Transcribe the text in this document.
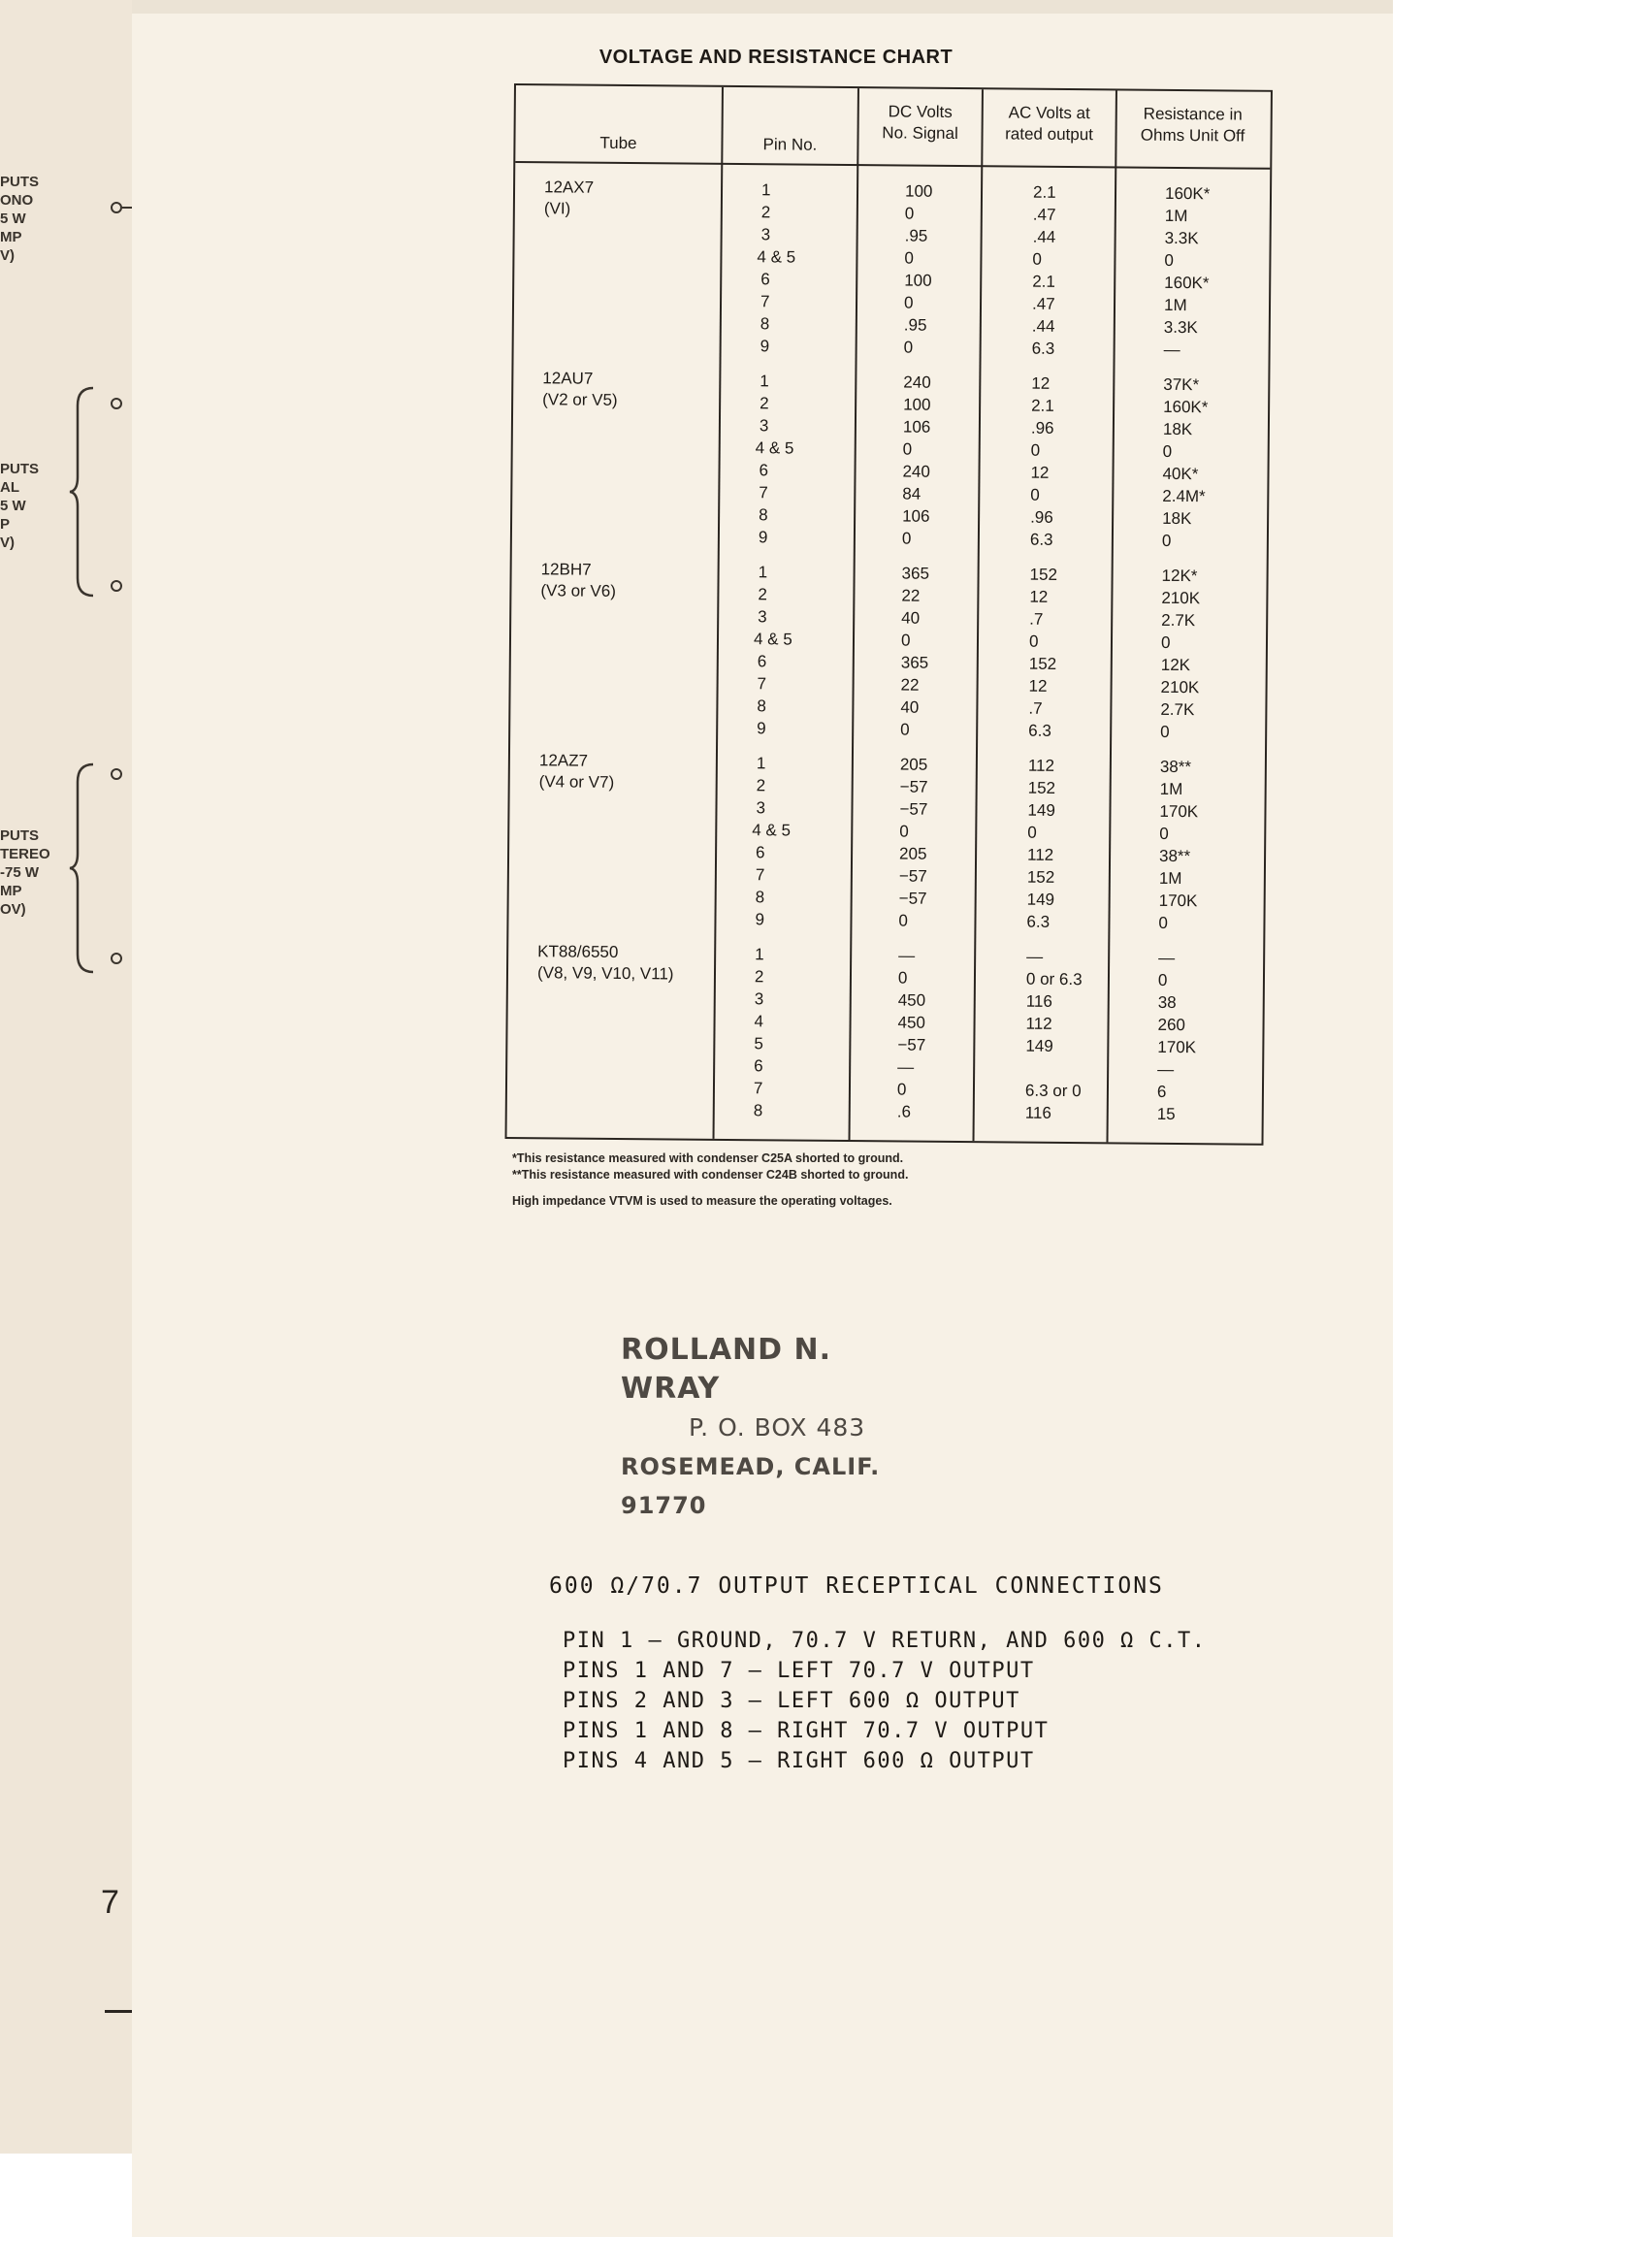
PUTS
ONO
5 W
MP
V)
PUTS
AL
5 W
P
V)
PUTS
TEREO
-75 W
MP
OV)
7
VOLTAGE AND RESISTANCE CHART
Tube	Pin No.
DC Volts
No. Signal
AC Volts at
rated output
Resistance in
Ohms Unit Off
12AX7
(VI)
1
2
3
4 & 5
6
7
8
9
100
0
.95
0
100
0
.95
0
2.1
.47
.44
0
2.1
.47
.44
6.3
160K*
1M
3.3K
0
160K*
1M
3.3K
—
12AU7
(V2 or V5)
1
2
3
4 & 5
6
7
8
9
240
100
106
0
240
84
106
0
12
2.1
.96
0
12
0
.96
6.3
37K*
160K*
18K
0
40K*
2.4M*
18K
0
12BH7
(V3 or V6)
1
2
3
4 & 5
6
7
8
9
365
22
40
0
365
22
40
0
152
12
.7
0
152
12
.7
6.3
12K*
210K
2.7K
0
12K
210K
2.7K
0
12AZ7
(V4 or V7)
1
2
3
4 & 5
6
7
8
9
205
−57
−57
0
205
−57
−57
0
112
152
149
0
112
152
149
6.3
38**
1M
170K
0
38**
1M
170K
0
KT88/6550
(V8, V9, V10, V11)
1
2
3
4
5
6
7
8
—
0
450
450
−57
—
0
.6
—
0 or 6.3
116
112
149
6.3 or 0
116
—
0
38
260
170K
—
6
15
*This resistance measured with condenser C25A shorted to ground.
**This resistance measured with condenser C24B shorted to ground.
High impedance VTVM is used to measure the operating voltages.
ROLLAND N. WRAY
P. O. BOX 483
ROSEMEAD, CALIF. 91770
600 Ω/70.7 OUTPUT RECEPTICAL CONNECTIONS
PIN 1 – GROUND, 70.7 V RETURN, AND 600 Ω C.T.
PINS 1 AND 7 – LEFT 70.7 V OUTPUT
PINS 2 AND 3 – LEFT 600 Ω OUTPUT
PINS 1 AND 8 – RIGHT 70.7 V OUTPUT
PINS 4 AND 5 – RIGHT 600 Ω OUTPUT
